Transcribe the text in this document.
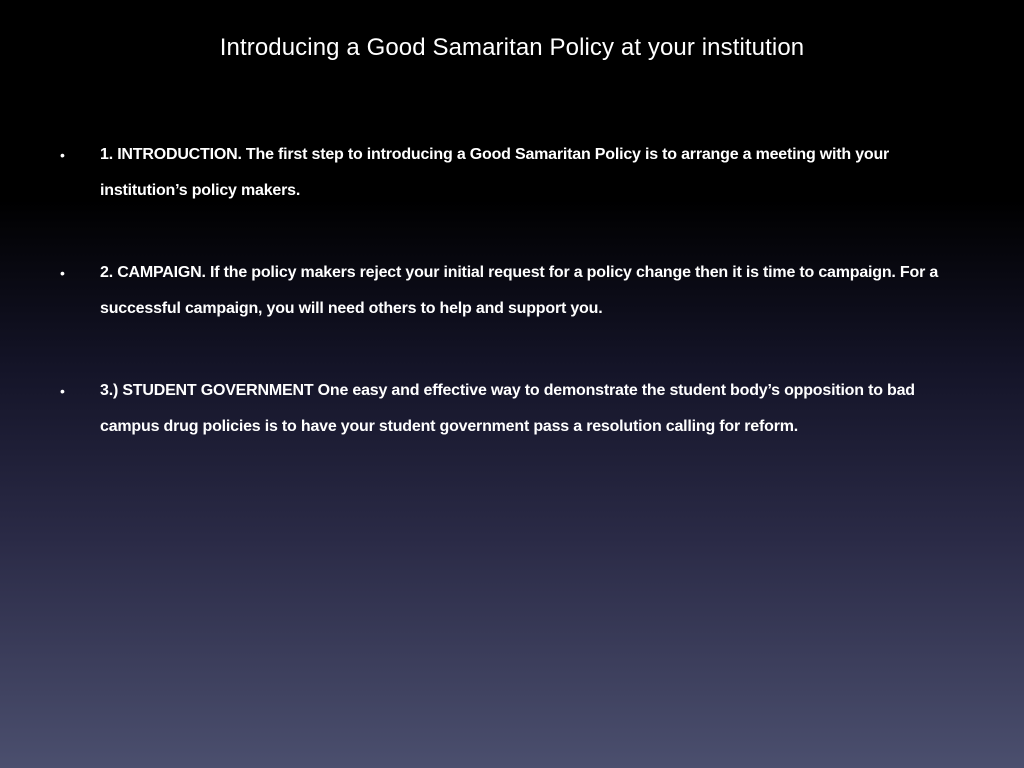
Introducing a Good Samaritan Policy at your institution
•	1. INTRODUCTION. The first step to introducing a Good Samaritan Policy is to arrange a meeting with your institution’s policy makers.
•	2. CAMPAIGN. If the policy makers reject your initial request for a policy change then it is time to campaign. For a successful campaign, you will need others to help and support you.
•	3.) STUDENT GOVERNMENT One easy and effective way to demonstrate the student body’s opposition to bad campus drug policies is to have your student government pass a resolution calling for reform.
